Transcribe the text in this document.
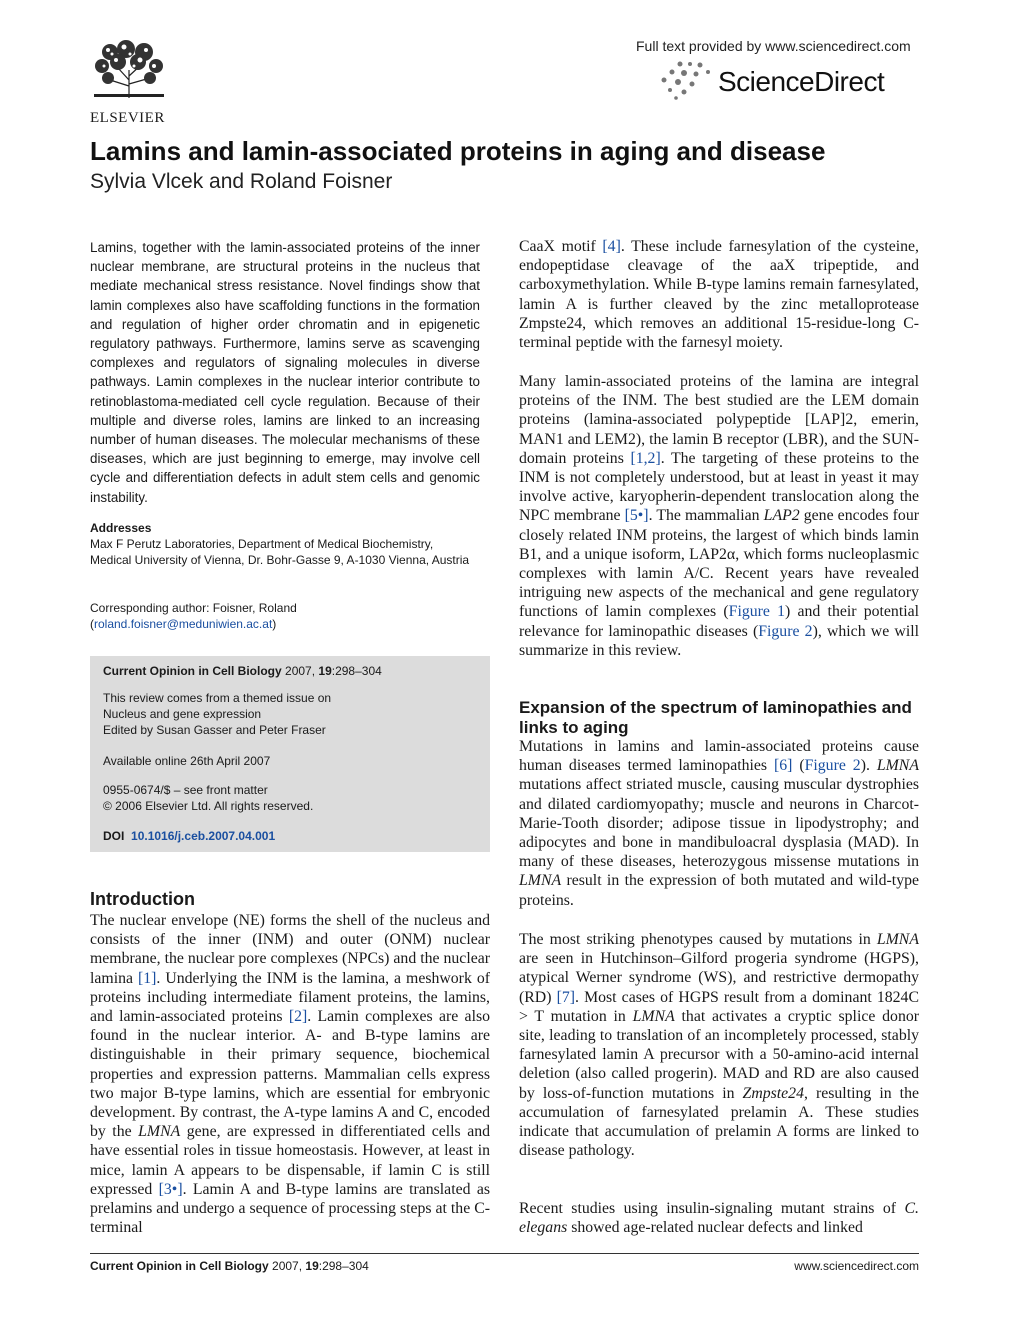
ELSEVIER
Full text provided by www.sciencedirect.com
ScienceDirect
Lamins and lamin-associated proteins in aging and disease
Sylvia Vlcek and Roland Foisner
Lamins, together with the lamin-associated proteins of the inner nuclear membrane, are structural proteins in the nucleus that mediate mechanical stress resistance. Novel findings show that lamin complexes also have scaffolding functions in the formation and regulation of higher order chromatin and in epigenetic regulatory pathways. Furthermore, lamins serve as scavenging complexes and regulators of signaling molecules in diverse pathways. Lamin complexes in the nuclear interior contribute to retinoblastoma-mediated cell cycle regulation. Because of their multiple and diverse roles, lamins are linked to an increasing number of human diseases. The molecular mechanisms of these diseases, which are just beginning to emerge, may involve cell cycle and differentiation defects in adult stem cells and genomic instability.
Addresses
Max F Perutz Laboratories, Department of Medical Biochemistry, Medical University of Vienna, Dr. Bohr-Gasse 9, A-1030 Vienna, Austria
Corresponding author: Foisner, Roland
(roland.foisner@meduniwien.ac.at)
Current Opinion in Cell Biology 2007, 19:298–304
This review comes from a themed issue on
Nucleus and gene expression
Edited by Susan Gasser and Peter Fraser
Available online 26th April 2007
0955-0674/$ – see front matter
© 2006 Elsevier Ltd. All rights reserved.
DOI 10.1016/j.ceb.2007.04.001
Introduction
The nuclear envelope (NE) forms the shell of the nucleus and consists of the inner (INM) and outer (ONM) nuclear membrane, the nuclear pore complexes (NPCs) and the nuclear lamina [1]. Underlying the INM is the lamina, a meshwork of proteins including intermediate filament proteins, the lamins, and lamin-associated proteins [2]. Lamin complexes are also found in the nuclear interior. A- and B-type lamins are distinguishable in their primary sequence, biochemical properties and expression patterns. Mammalian cells express two major B-type lamins, which are essential for embryonic development. By contrast, the A-type lamins A and C, encoded by the LMNA gene, are expressed in differentiated cells and have essential roles in tissue homeostasis. However, at least in mice, lamin A appears to be dispensable, if lamin C is still expressed [3•]. Lamin A and B-type lamins are translated as prelamins and undergo a sequence of processing steps at the C-terminal

CaaX motif [4]. These include farnesylation of the cysteine, endopeptidase cleavage of the aaX tripeptide, and carboxymethylation. While B-type lamins remain farnesylated, lamin A is further cleaved by the zinc metalloprotease Zmpste24, which removes an additional 15-residue-long C-terminal peptide with the farnesyl moiety.

Many lamin-associated proteins of the lamina are integral proteins of the INM. The best studied are the LEM domain proteins (lamina-associated polypeptide [LAP]2, emerin, MAN1 and LEM2), the lamin B receptor (LBR), and the SUN-domain proteins [1,2]. The targeting of these proteins to the INM is not completely understood, but at least in yeast it may involve active, karyopherin-dependent translocation along the NPC membrane [5•]. The mammalian LAP2 gene encodes four closely related INM proteins, the largest of which binds lamin B1, and a unique isoform, LAP2α, which forms nucleoplasmic complexes with lamin A/C. Recent years have revealed intriguing new aspects of the mechanical and gene regulatory functions of lamin complexes (Figure 1) and their potential relevance for laminopathic diseases (Figure 2), which we will summarize in this review.

Expansion of the spectrum of laminopathies and links to aging

Mutations in lamins and lamin-associated proteins cause human diseases termed laminopathies [6] (Figure 2). LMNA mutations affect striated muscle, causing muscular dystrophies and dilated cardiomyopathy; muscle and neurons in Charcot-Marie-Tooth disorder; adipose tissue in lipodystrophy; and adipocytes and bone in mandibuloacral dysplasia (MAD). In many of these diseases, heterozygous missense mutations in LMNA result in the expression of both mutated and wild-type proteins.

The most striking phenotypes caused by mutations in LMNA are seen in Hutchinson–Gilford progeria syndrome (HGPS), atypical Werner syndrome (WS), and restrictive dermopathy (RD) [7]. Most cases of HGPS result from a dominant 1824C > T mutation in LMNA that activates a cryptic splice donor site, leading to translation of an incompletely processed, stably farnesylated lamin A precursor with a 50-amino-acid internal deletion (also called progerin). MAD and RD are also caused by loss-of-function mutations in Zmpste24, resulting in the accumulation of farnesylated prelamin A. These studies indicate that accumulation of prelamin A forms are linked to disease pathology.

Recent studies using insulin-signaling mutant strains of C. elegans showed age-related nuclear defects and linked

Current Opinion in Cell Biology 2007, 19:298–304	www.sciencedirect.com
